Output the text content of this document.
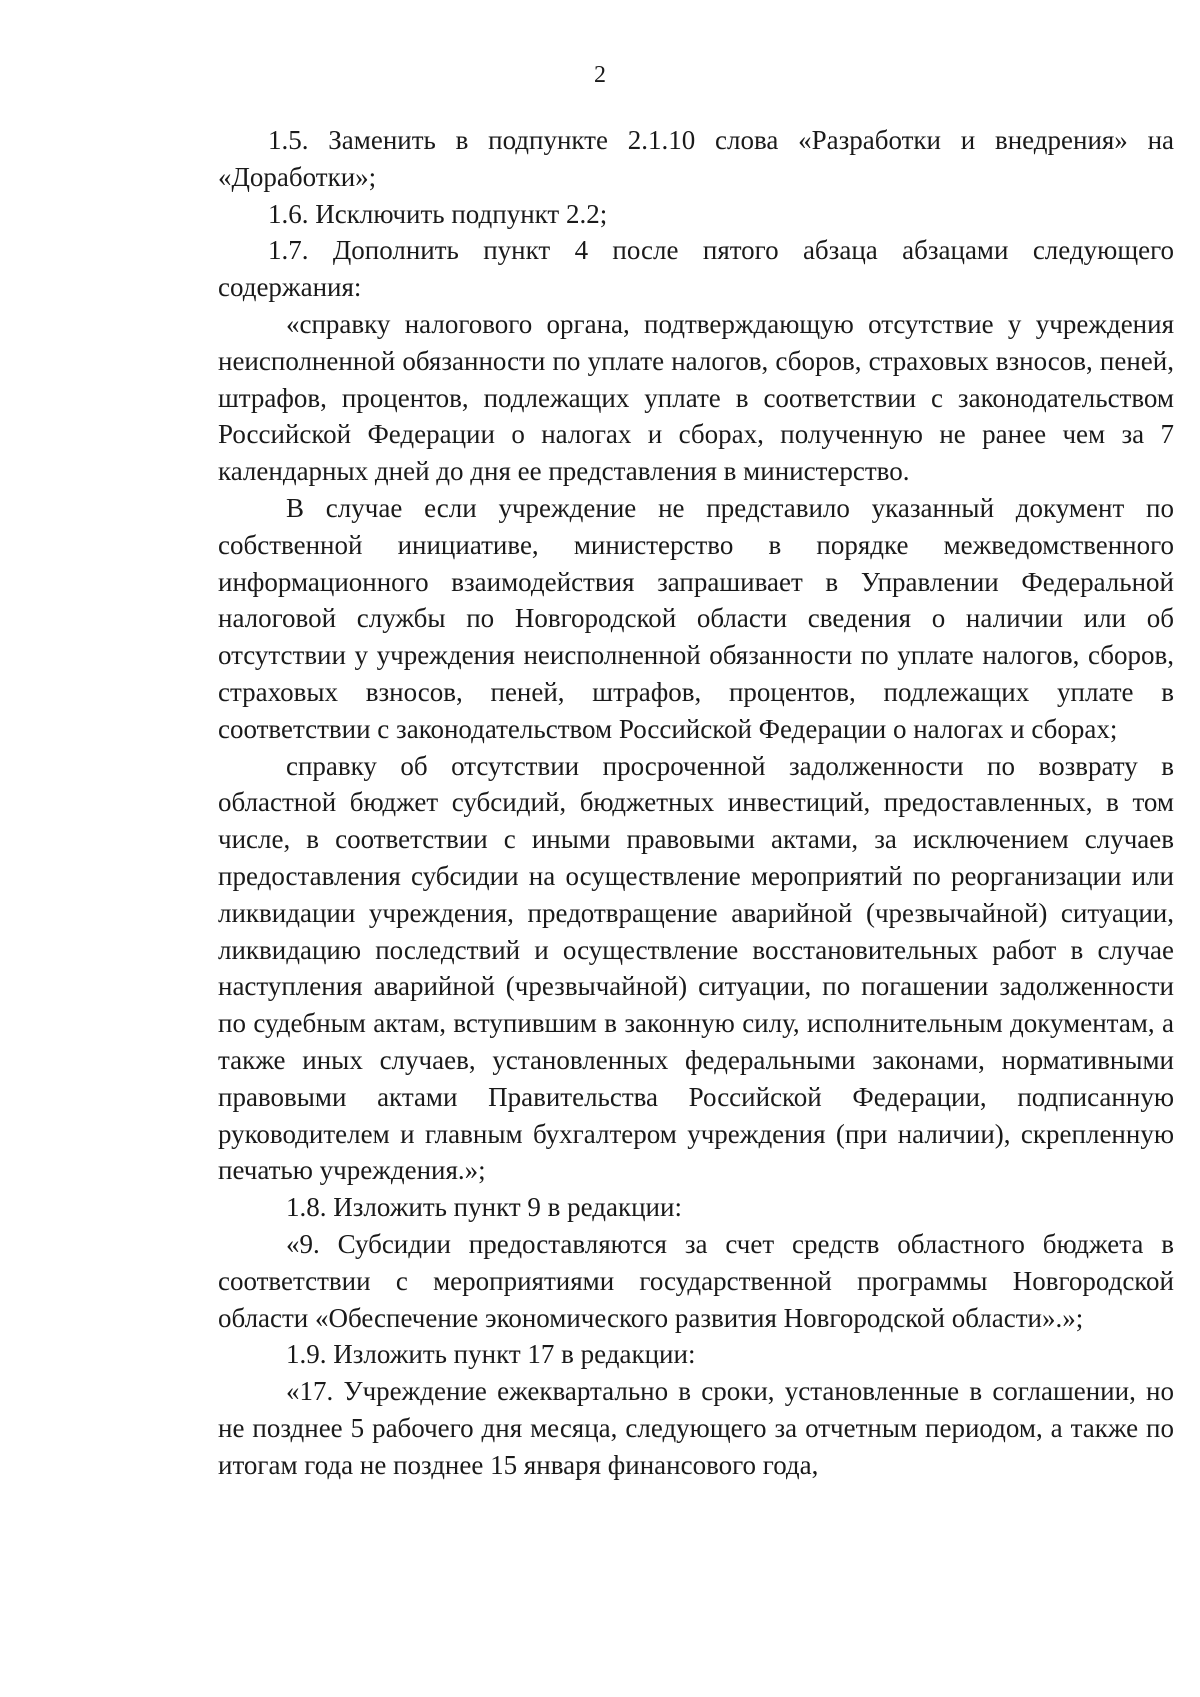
2

1.5. Заменить в подпункте 2.1.10 слова «Разработки и внедрения» на «Доработки»;

1.6. Исключить подпункт 2.2;

1.7. Дополнить пункт 4 после пятого абзаца абзацами следующего содержания:

«справку налогового органа, подтверждающую отсутствие у учреждения неисполненной обязанности по уплате налогов, сборов, страховых взносов, пеней, штрафов, процентов, подлежащих уплате в соответствии с законодательством Российской Федерации о налогах и сборах, полученную не ранее чем за 7 календарных дней до дня ее представления в министерство.

В случае если учреждение не представило указанный документ по собственной инициативе, министерство в порядке межведомственного информационного взаимодействия запрашивает в Управлении Федеральной налоговой службы по Новгородской области сведения о наличии или об отсутствии у учреждения неисполненной обязанности по уплате налогов, сборов, страховых взносов, пеней, штрафов, процентов, подлежащих уплате в соответствии с законодательством Российской Федерации о налогах и сборах;

справку об отсутствии просроченной задолженности по возврату в областной бюджет субсидий, бюджетных инвестиций, предоставленных, в том числе, в соответствии с иными правовыми актами, за исключением случаев предоставления субсидии на осуществление мероприятий по реорганизации или ликвидации учреждения, предотвращение аварийной (чрезвычайной) ситуации, ликвидацию последствий и осуществление восстановительных работ в случае наступления аварийной (чрезвычайной) ситуации, по погашении задолженности по судебным актам, вступившим в законную силу, исполнительным документам, а также иных случаев, установленных федеральными законами, нормативными правовыми актами Правительства Российской Федерации, подписанную руководителем и главным бухгалтером учреждения (при наличии), скрепленную печатью учреждения.»;

1.8. Изложить пункт 9 в редакции:

«9. Субсидии предоставляются за счет средств областного бюджета в соответствии с мероприятиями государственной программы Новгородской области «Обеспечение экономического развития Новгородской области».»;

1.9. Изложить пункт 17 в редакции:

«17. Учреждение ежеквартально в сроки, установленные в соглашении, но не позднее 5 рабочего дня месяца, следующего за отчетным периодом, а также по итогам года не позднее 15 января финансового года,
